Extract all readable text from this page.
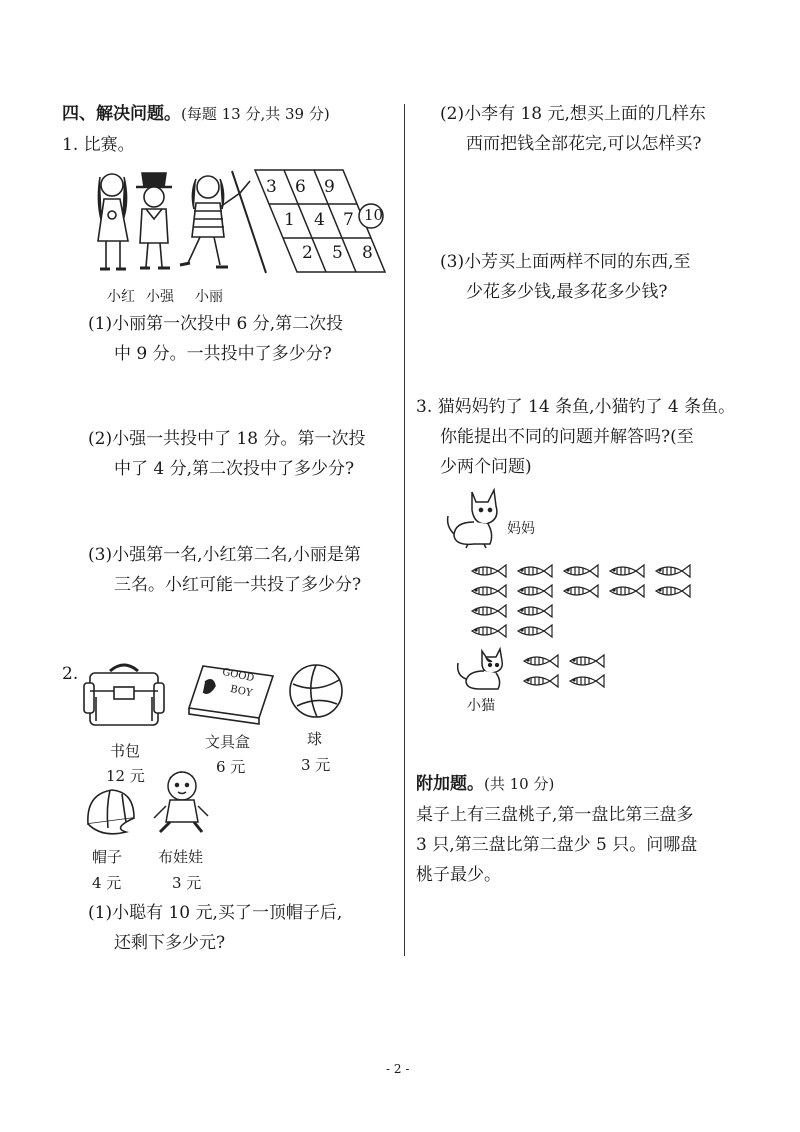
四、解决问题。(每题 13 分,共 39 分)
1. 比赛。
小红 小强 小丽
3 6 9
1 4 7 10
2 5 8
(1)小丽第一次投中 6 分,第二次投
中 9 分。一共投中了多少分?
(2)小强一共投中了 18 分。第一次投
中了 4 分,第二次投中了多少分?
(3)小强第一名,小红第二名,小丽是第
三名。小红可能一共投了多少分?
2.	GOOD
BOY
书包
12 元
文具盒
6 元
球
3 元
帽子
4 元
布娃娃
3 元
(1)小聪有 10 元,买了一顶帽子后,
还剩下多少元?
(2)小李有 18 元,想买上面的几样东
西而把钱全部花完,可以怎样买?
(3)小芳买上面两样不同的东西,至
少花多少钱,最多花多少钱?
3. 猫妈妈钓了 14 条鱼,小猫钓了 4 条鱼。
你能提出不同的问题并解答吗?(至
少两个问题)
妈妈
小猫
附加题。(共 10 分)
桌子上有三盘桃子,第一盘比第三盘多
3 只,第三盘比第二盘少 5 只。问哪盘
桃子最少。
- 2 -
